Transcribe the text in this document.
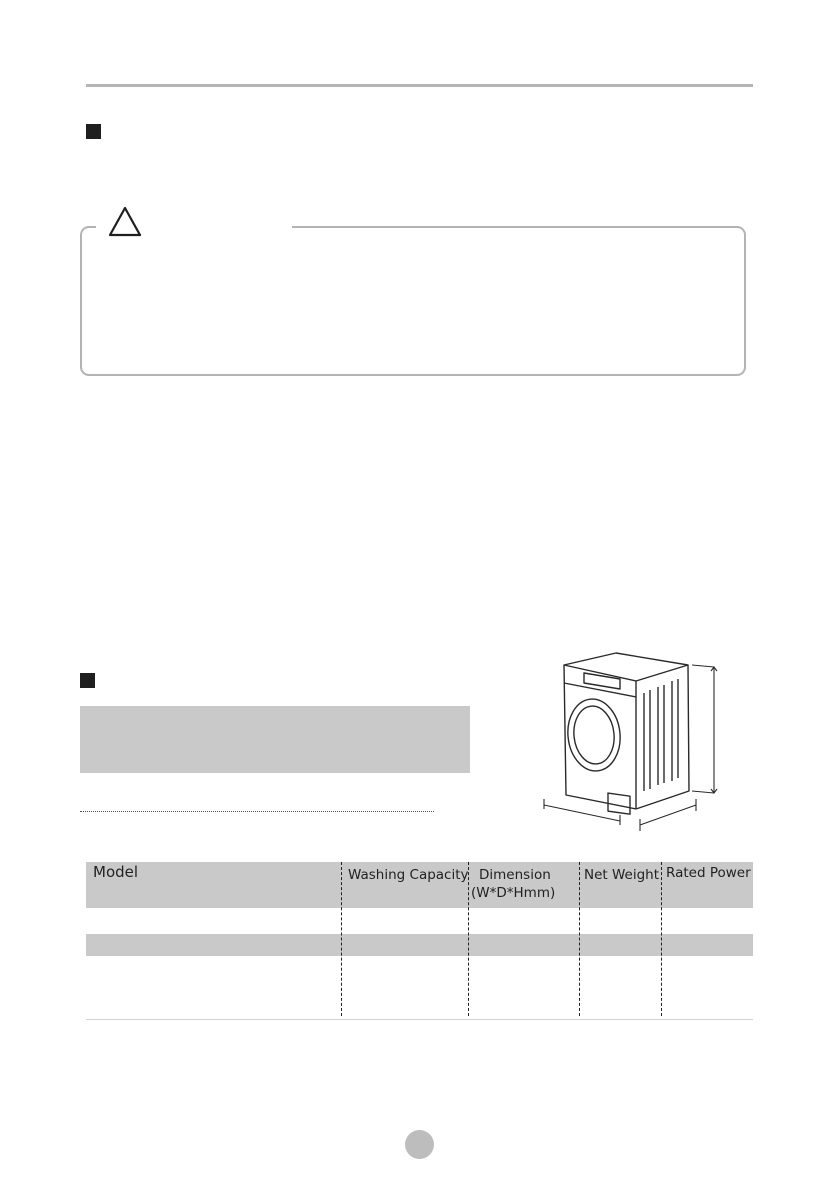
Model	Washing Capacity Dimension
(W*D*Hmm)
Net Weight Rated Power
